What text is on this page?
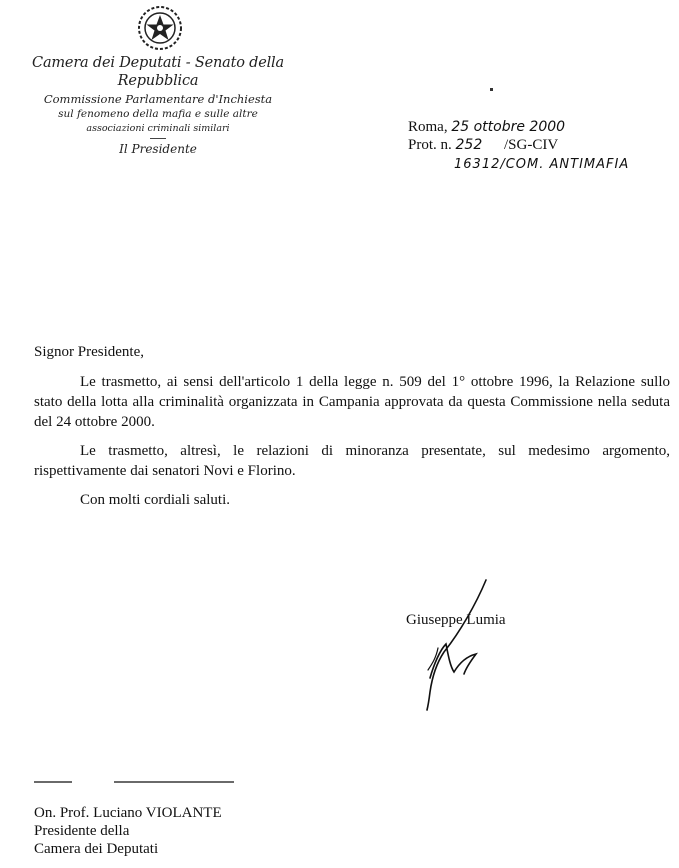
Camera dei Deputati - Senato della Repubblica
Commissione Parlamentare d'Inchiesta
sul fenomeno della mafia e sulle altre
associazioni criminali similari
Il Presidente
Roma, 25 ottobre 2000
Prot. n. 252 /SG-CIV
16312/COM. ANTIMAFIA
Signor Presidente,

Le trasmetto, ai sensi dell'articolo 1 della legge n. 509 del 1° ottobre 1996, la Relazione sullo stato della lotta alla criminalità organizzata in Campania approvata da questa Commissione nella seduta del 24 ottobre 2000.

Le trasmetto, altresì, le relazioni di minoranza presentate, sul medesimo argomento, rispettivamente dai senatori Novi e Florino.

Con molti cordiali saluti.

Giuseppe Lumia
On. Prof. Luciano VIOLANTE
Presidente della
Camera dei Deputati
